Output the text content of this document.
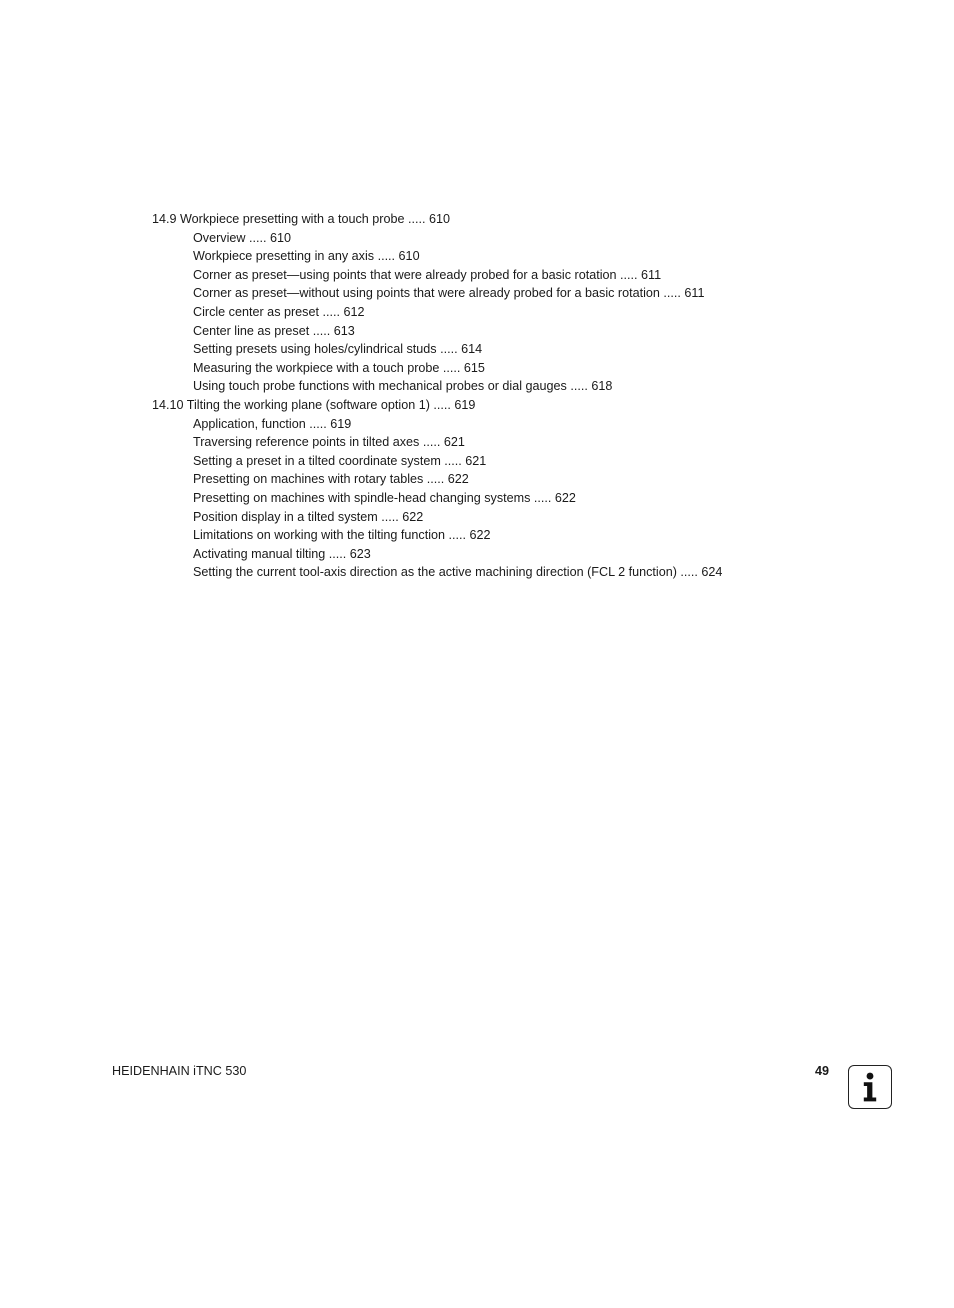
14.9 Workpiece presetting with a touch probe ..... 610
Overview ..... 610
Workpiece presetting in any axis ..... 610
Corner as preset—using points that were already probed for a basic rotation ..... 611
Corner as preset—without using points that were already probed for a basic rotation ..... 611
Circle center as preset ..... 612
Center line as preset ..... 613
Setting presets using holes/cylindrical studs ..... 614
Measuring the workpiece with a touch probe ..... 615
Using touch probe functions with mechanical probes or dial gauges ..... 618
14.10 Tilting the working plane (software option 1) ..... 619
Application, function ..... 619
Traversing reference points in tilted axes ..... 621
Setting a preset in a tilted coordinate system ..... 621
Presetting on machines with rotary tables ..... 622
Presetting on machines with spindle-head changing systems ..... 622
Position display in a tilted system ..... 622
Limitations on working with the tilting function ..... 622
Activating manual tilting ..... 623
Setting the current tool-axis direction as the active machining direction (FCL 2 function) ..... 624
HEIDENHAIN iTNC 530	49
